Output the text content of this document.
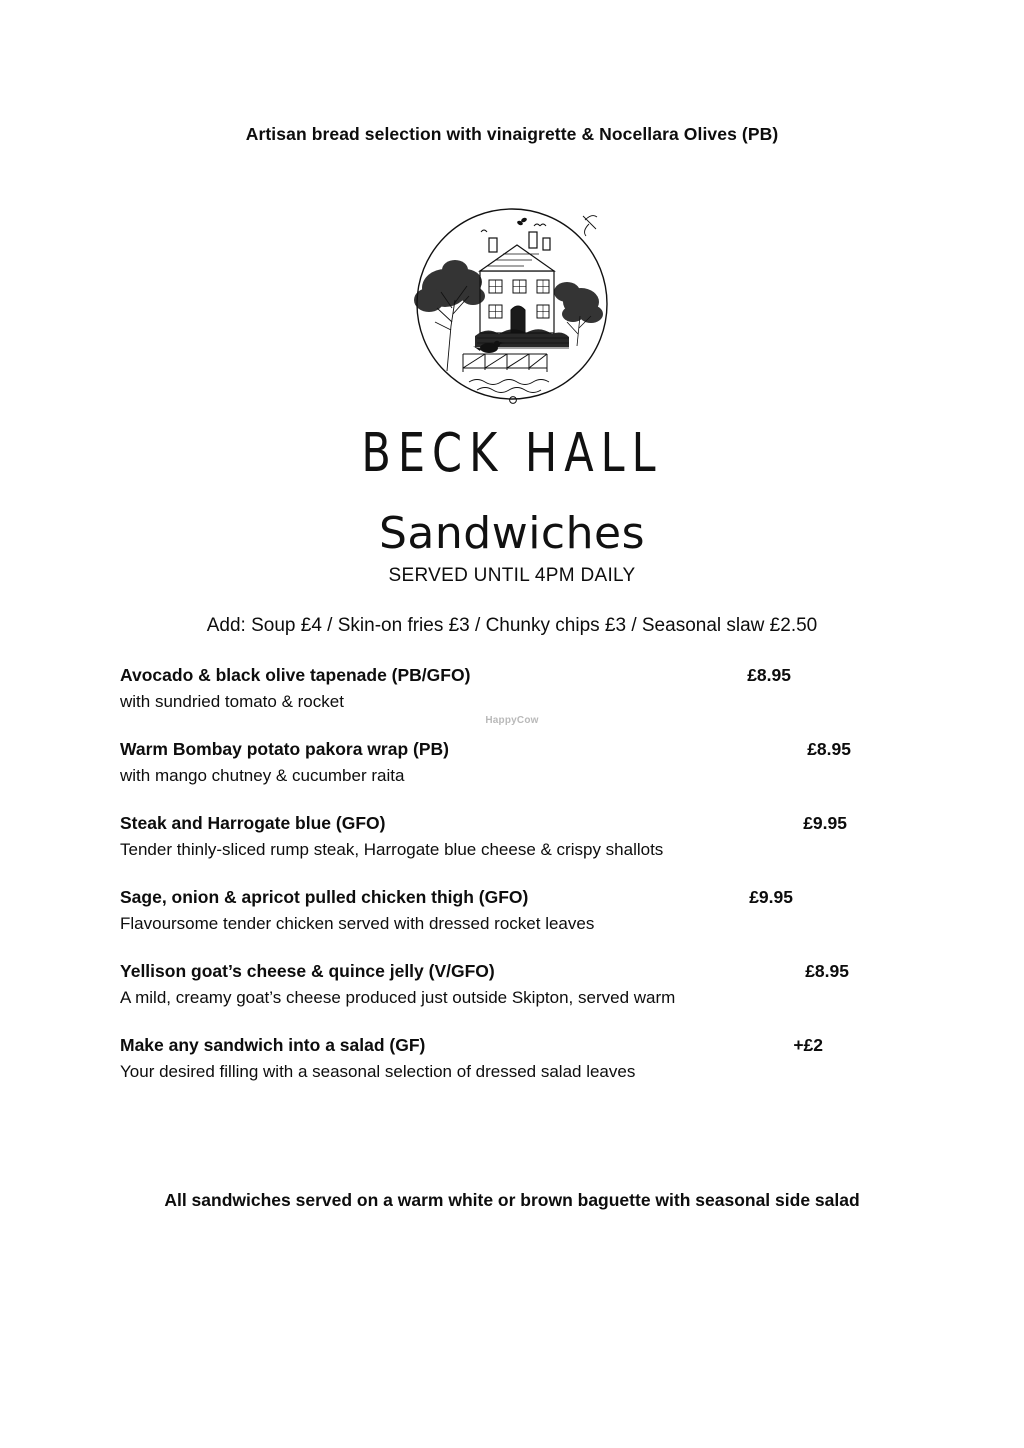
Artisan bread selection with vinaigrette & Nocellara Olives (PB)
BECK HALL
Sandwiches
SERVED UNTIL 4PM DAILY
Add: Soup £4 / Skin-on fries £3 / Chunky chips £3 / Seasonal slaw £2.50
HappyCow
Avocado & black olive tapenade (PB/GFO)	£8.95
with sundried tomato & rocket
Warm Bombay potato pakora wrap (PB)	£8.95
with mango chutney & cucumber raita
Steak and Harrogate blue (GFO)	£9.95
Tender thinly-sliced rump steak, Harrogate blue cheese & crispy shallots
Sage, onion & apricot pulled chicken thigh (GFO)	£9.95
Flavoursome tender chicken served with dressed rocket leaves
Yellison goat’s cheese & quince jelly (V/GFO)	£8.95
A mild, creamy goat’s cheese produced just outside Skipton, served warm
Make any sandwich into a salad (GF)	+£2
Your desired filling with a seasonal selection of dressed salad leaves
All sandwiches served on a warm white or brown baguette with seasonal side salad
